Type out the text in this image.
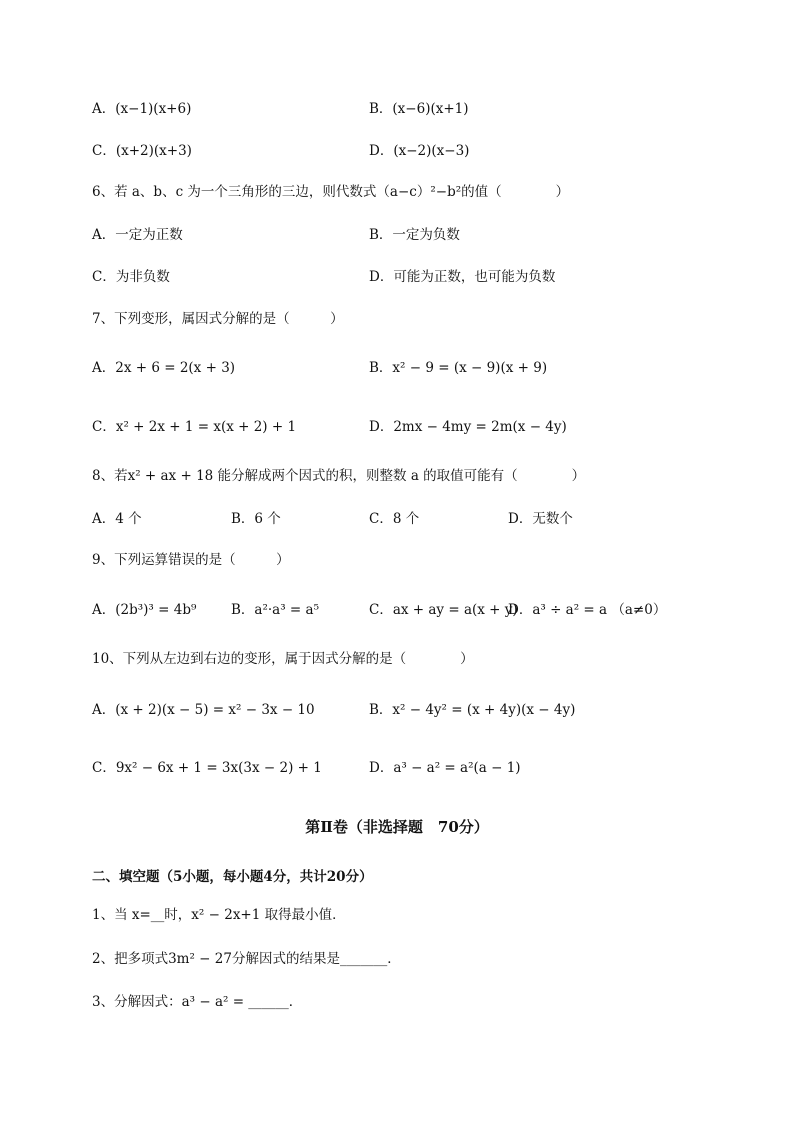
A．(x−1)(x+6)	B．(x−6)(x+1)
C．(x+2)(x+3)	D．(x−2)(x−3)
6、若 a、b、c 为一个三角形的三边，则代数式（a−c）²−b²的值（　　　　）
A．一定为正数	B．一定为负数
C．为非负数	D．可能为正数，也可能为负数
7、下列变形，属因式分解的是（　　　）
A．2x + 6 = 2(x + 3)	B．x² − 9 = (x − 9)(x + 9)
C．x² + 2x + 1 = x(x + 2) + 1	D．2mx − 4my = 2m(x − 4y)
8、若x² + ax + 18 能分解成两个因式的积，则整数 a 的取值可能有（　　　　）
A．4 个	B．6 个	C．8 个	D．无数个
9、下列运算错误的是（　　　）
A．(2b³)³ = 4b⁹	B．a²·a³ = a⁵	C．ax + ay = a(x + y)
D．a³ ÷ a² = a （a≠0）
10、下列从左边到右边的变形，属于因式分解的是（　　　　）
A．(x + 2)(x − 5) = x² − 3x − 10	B．x² − 4y² = (x + 4y)(x − 4y)
C．9x² − 6x + 1 = 3x(3x − 2) + 1	D．a³ − a² = a²(a − 1)
第Ⅱ卷（非选择题　70分）
二、填空题（5小题，每小题4分，共计20分）
1、当 x=__时，x² − 2x+1 取得最小值．
2、把多项式3m² − 27分解因式的结果是_______．
3、分解因式：a³ − a² = ______．
